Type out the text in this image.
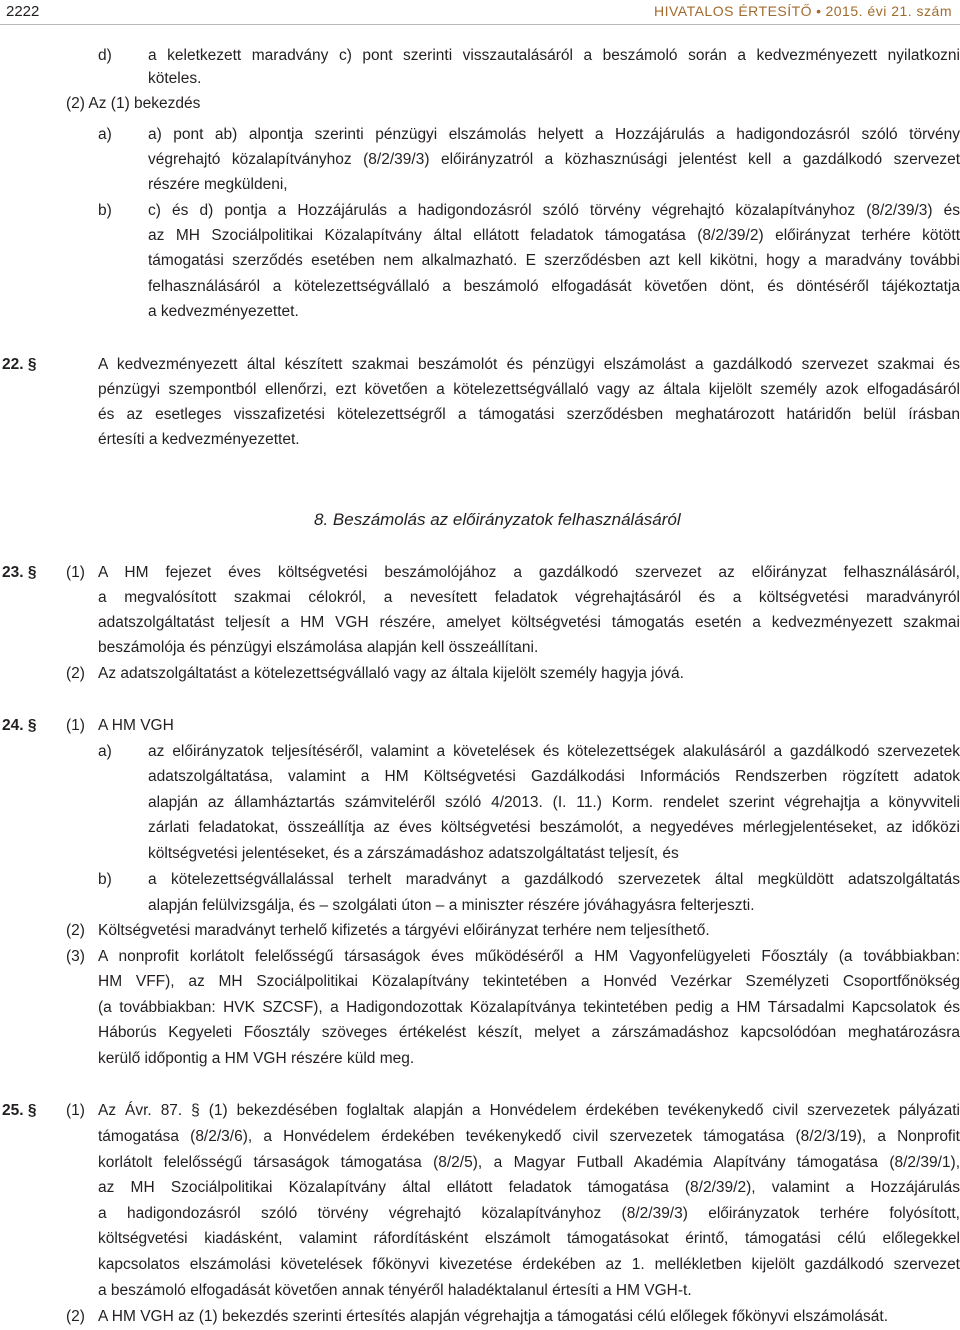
2222	HIVATALOS ÉRTESÍTŐ • 2015. évi 21. szám
d) a keletkezett maradvány c) pont szerinti visszautalásáról a beszámoló során a kedvezményezett nyilatkozni
köteles.
(2) Az (1) bekezdés
a) a) pont ab) alpontja szerinti pénzügyi elszámolás helyett a Hozzájárulás a hadigondozásról szóló törvény
végrehajtó közalapítványhoz (8/2/39/3) előirányzatról a közhasznúsági jelentést kell a gazdálkodó szervezet
részére megküldeni,
b) c) és d) pontja a Hozzájárulás a hadigondozásról szóló törvény végrehajtó közalapítványhoz (8/2/39/3) és
az MH Szociálpolitikai Közalapítvány által ellátott feladatok támogatása (8/2/39/2) előirányzat terhére kötött
támogatási szerződés esetében nem alkalmazható. E szerződésben azt kell kikötni, hogy a maradvány további
felhasználásáról a kötelezettségvállaló a beszámoló elfogadását követően dönt, és döntéséről tájékoztatja
a kedvezményezettet.
22. §	A kedvezményezett által készített szakmai beszámolót és pénzügyi elszámolást a gazdálkodó szervezet szakmai és
pénzügyi szempontból ellenőrzi, ezt követően a kötelezettségvállaló vagy az általa kijelölt személy azok elfogadásáról
és az esetleges visszafizetési kötelezettségről a támogatási szerződésben meghatározott határidőn belül írásban
értesíti a kedvezményezettet.
8. Beszámolás az előirányzatok felhasználásáról
23. § (1) A HM fejezet éves költségvetési beszámolójához a gazdálkodó szervezet az előirányzat felhasználásáról,
a megvalósított szakmai célokról, a nevesített feladatok végrehajtásáról és a költségvetési maradványról
adatszolgáltatást teljesít a HM VGH részére, amelyet költségvetési támogatás esetén a kedvezményezett szakmai
beszámolója és pénzügyi elszámolása alapján kell összeállítani.
(2) Az adatszolgáltatást a kötelezettségvállaló vagy az általa kijelölt személy hagyja jóvá.
24. § (1) A HM VGH
a) az előirányzatok teljesítéséről, valamint a követelések és kötelezettségek alakulásáról a gazdálkodó szervezetek
adatszolgáltatása, valamint a HM Költségvetési Gazdálkodási Információs Rendszerben rögzített adatok
alapján az államháztartás számviteléről szóló 4/2013. (I. 11.) Korm. rendelet szerint végrehajtja a könyvviteli
zárlati feladatokat, összeállítja az éves költségvetési beszámolót, a negyedéves mérlegjelentéseket, az időközi
költségvetési jelentéseket, és a zárszámadáshoz adatszolgáltatást teljesít, és
b) a kötelezettségvállalással terhelt maradványt a gazdálkodó szervezetek által megküldött adatszolgáltatás
alapján felülvizsgálja, és – szolgálati úton – a miniszter részére jóváhagyásra felterjeszti.
(2) Költségvetési maradványt terhelő kifizetés a tárgyévi előirányzat terhére nem teljesíthető.
(3) A nonprofit korlátolt felelősségű társaságok éves működéséről a HM Vagyonfelügyeleti Főosztály (a továbbiakban:
HM VFF), az MH Szociálpolitikai Közalapítvány tekintetében a Honvéd Vezérkar Személyzeti Csoportfőnökség
(a továbbiakban: HVK SZCSF), a Hadigondozottak Közalapítványa tekintetében pedig a HM Társadalmi Kapcsolatok és
Háborús Kegyeleti Főosztály szöveges értékelést készít, melyet a zárszámadáshoz kapcsolódóan meghatározásra
kerülő időpontig a HM VGH részére küld meg.
25. § (1) Az Ávr. 87. § (1) bekezdésében foglaltak alapján a Honvédelem érdekében tevékenykedő civil szervezetek pályázati
támogatása (8/2/3/6), a Honvédelem érdekében tevékenykedő civil szervezetek támogatása (8/2/3/19), a Nonprofit
korlátolt felelősségű társaságok támogatása (8/2/5), a Magyar Futball Akadémia Alapítvány támogatása (8/2/39/1),
az MH Szociálpolitikai Közalapítvány által ellátott feladatok támogatása (8/2/39/2), valamint a Hozzájárulás
a hadigondozásról szóló törvény végrehajtó közalapítványhoz (8/2/39/3) előirányzatok terhére folyósított,
költségvetési kiadásként, valamint ráfordításként elszámolt támogatásokat érintő, támogatási célú előlegekkel
kapcsolatos elszámolási követelések főkönyvi kivezetése érdekében az 1. mellékletben kijelölt gazdálkodó szervezet
a beszámoló elfogadását követően annak tényéről haladéktalanul értesíti a HM VGH-t.
(2) A HM VGH az (1) bekezdés szerinti értesítés alapján végrehajtja a támogatási célú előlegek főkönyvi elszámolását.
